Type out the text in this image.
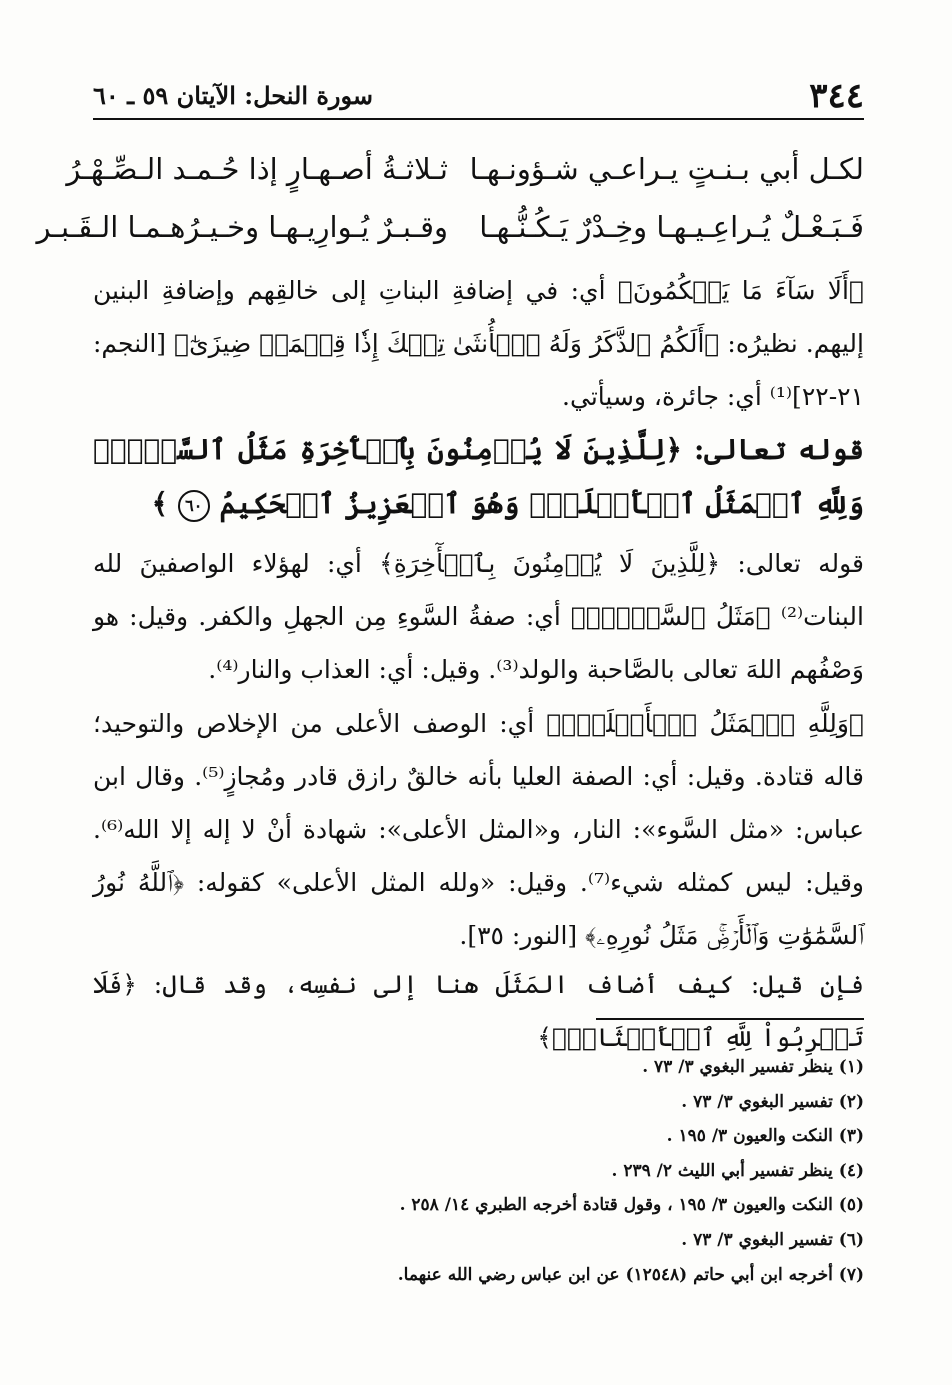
٣٤٤
سورة النحل: الآيتان ٥٩ ـ ٦٠
لكـل أبي بـنـتٍ يـراعـي شـؤونـهـا
ثـلاثـةُ أصـهـارٍ إذا حُـمـد الـصِّـهْـرُ
فَـبَـعْـلٌ يُـراعِـيـهـا وخِـدْرٌ يَـكُـنُّـهـا
وقـبـرٌ يُـوارِيـهـا وخـيـرُهـمـا الـقَـبـر
﴿أَلَا سَآءَ مَا يَحۡكُمُونَ﴾ أي: في إضافةِ البناتِ إلى خالقِهم وإضافةِ البنين إليهم. نظيرُه: ﴿أَلَكُمُ ٱلذَّكَرُ وَلَهُ ٱلۡأُنثَىٰ تِلۡكَ إِذٗا قِسۡمَةٞ ضِيزَىٰٓ﴾ [النجم: ٢١-٢٢]⁽¹⁾ أي: جائرة، وسيأتي.
قوله تعالى: ﴿لِلَّذِينَ لَا يُؤۡمِنُونَ بِٱلۡأٓخِرَةِ مَثَلُ ٱلسَّوۡءِۖ وَلِلَّهِ ٱلۡمَثَلُ ٱلۡأَعۡلَىٰۚ وَهُوَ ٱلۡعَزِيزُ ٱلۡحَكِيمُ ٦٠ ﴾
قوله تعالى: ﴿لِلَّذِينَ لَا يُؤۡمِنُونَ بِٱلۡأٓخِرَةِ﴾ أي: لهؤلاء الواصفينَ لله البنات⁽²⁾ ﴿مَثَلُ ٱلسَّوۡءِۖ﴾ أي: صفةُ السَّوءِ مِن الجهلِ والكفر. وقيل: هو وَصْفُهم اللهَ تعالى بالصَّاحبة والولد⁽³⁾. وقيل: أي: العذاب والنار⁽⁴⁾.
﴿وَلِلَّهِ ٱلۡمَثَلُ ٱلۡأَعۡلَىٰۚ﴾ أي: الوصف الأعلى من الإخلاص والتوحيد؛ قاله قتادة. وقيل: أي: الصفة العليا بأنه خالقٌ رازق قادر ومُجازٍ⁽⁵⁾. وقال ابن عباس: «مثل السَّوء»: النار، و«المثل الأعلى»: شهادة أنْ لا إله إلا الله⁽⁶⁾. وقيل: ليس كمثله شيء⁽⁷⁾. وقيل: «ولله المثل الأعلى» كقوله: ﴿ٱللَّهُ نُورُ ٱلسَّمَٰوَٰتِ وَٱلۡأَرۡضِۚ مَثَلُ نُورِهِۦ﴾ [النور: ٣٥].
فإن قيل: كيف أضاف المَثَلَ هنا إلى نفسِه، وقد قال: ﴿فَلَا تَضۡرِبُواْ لِلَّهِ ٱلۡأَمۡثَالَۚ﴾
(١) ينظر تفسير البغوي ٣/ ٧٣ .
(٢) تفسير البغوي ٣/ ٧٣ .
(٣) النكت والعيون ٣/ ١٩٥ .
(٤) ينظر تفسير أبي الليث ٢/ ٢٣٩ .
(٥) النكت والعيون ٣/ ١٩٥ ، وقول قتادة أخرجه الطبري ١٤/ ٢٥٨ .
(٦) تفسير البغوي ٣/ ٧٣ .
(٧) أخرجه ابن أبي حاتم (١٢٥٤٨) عن ابن عباس رضي الله عنهما.
